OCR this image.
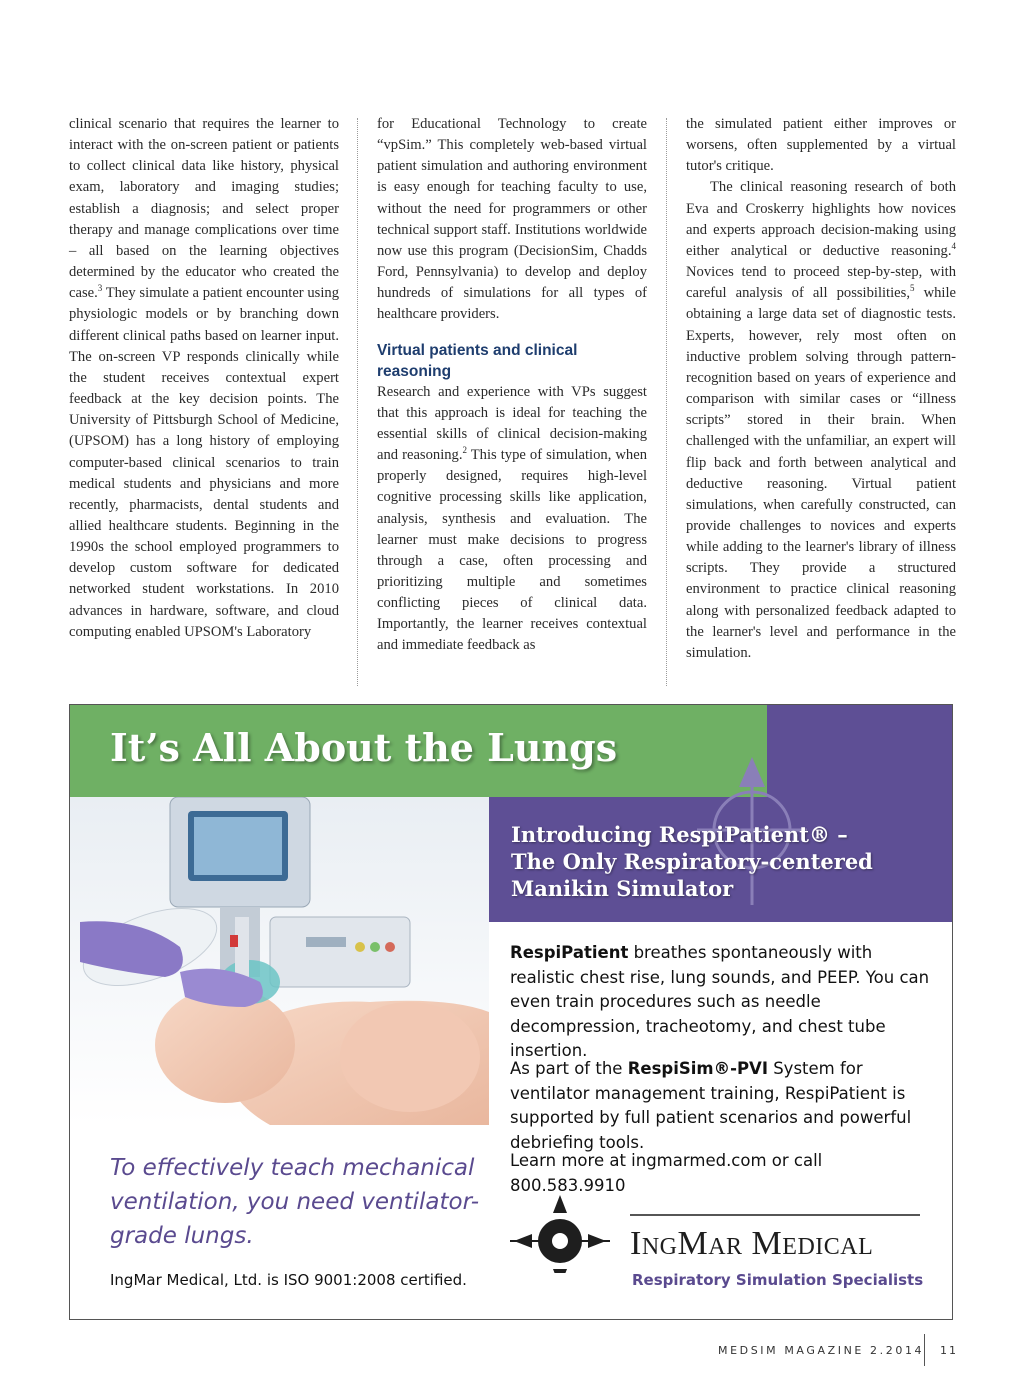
clinical scenario that requires the learner to interact with the on-screen patient or patients to collect clinical data like history, physical exam, laboratory and imaging studies; establish a diagnosis; and select proper therapy and manage complications over time – all based on the learning objectives determined by the educator who created the case.$^3$ They simulate a patient encounter using physiologic models or by branching down different clinical paths based on learner input. The on-screen VP responds clinically while the student receives contextual expert feedback at the key decision points. The University of Pittsburgh School of Medicine, (UPSOM) has a long history of employing computer-based clinical scenarios to train medical students and physicians and more recently, pharmacists, dental students and allied healthcare students. Beginning in the 1990s the school employed programmers to develop custom software for dedicated networked student workstations. In 2010 advances in hardware, software, and cloud computing enabled UPSOM's Laboratory

for Educational Technology to create “vpSim.” This completely web-based virtual patient simulation and authoring environment is easy enough for teaching faculty to use, without the need for programmers or other technical support staff. Institutions worldwide now use this program (DecisionSim, Chadds Ford, Pennsylvania) to develop and deploy hundreds of simulations for all types of healthcare providers.

Virtual patients and clinical reasoning

Research and experience with VPs suggest that this approach is ideal for teaching the essential skills of clinical decision-making and reasoning.$^2$ This type of simulation, when properly designed, requires high-level cognitive processing skills like application, analysis, synthesis and evaluation. The learner must make decisions to progress through a case, often processing and prioritizing multiple and sometimes conflicting pieces of clinical data. Importantly, the learner receives contextual and immediate feedback as

the simulated patient either improves or worsens, often supplemented by a virtual tutor's critique.

The clinical reasoning research of both Eva and Croskerry highlights how novices and experts approach decision-making using either analytical or deductive reasoning.$^4$ Novices tend to proceed step-by-step, with careful analysis of all possibilities,$^5$ while obtaining a large data set of diagnostic tests. Experts, however, rely most often on inductive problem solving through pattern-recognition based on years of experience and comparison with similar cases or “illness scripts” stored in their brain. When challenged with the unfamiliar, an expert will flip back and forth between analytical and deductive reasoning. Virtual patient simulations, when carefully constructed, can provide challenges to novices and experts while adding to the learner's library of illness scripts. They provide a structured environment to practice clinical reasoning along with personalized feedback adapted to the learner's level and performance in the simulation.

It’s All About the Lungs
Introducing RespiPatient® –
The Only Respiratory-centered
Manikin Simulator
RespiPatient breathes spontaneously with realistic chest rise, lung sounds, and PEEP. You can even train procedures such as needle decompression, tracheotomy, and chest tube insertion.
As part of the RespiSim®-PVI System for ventilator management training, RespiPatient is supported by full patient scenarios and powerful debriefing tools.
Learn more at ingmarmed.com or call 800.583.9910
To effectively teach mechanical ventilation, you need ventilator-grade lungs.
IngMar Medical, Ltd. is ISO 9001:2008 certified.
IngMar Medical
Respiratory Simulation Specialists
MEDSIM MAGAZINE 2.2014 11
